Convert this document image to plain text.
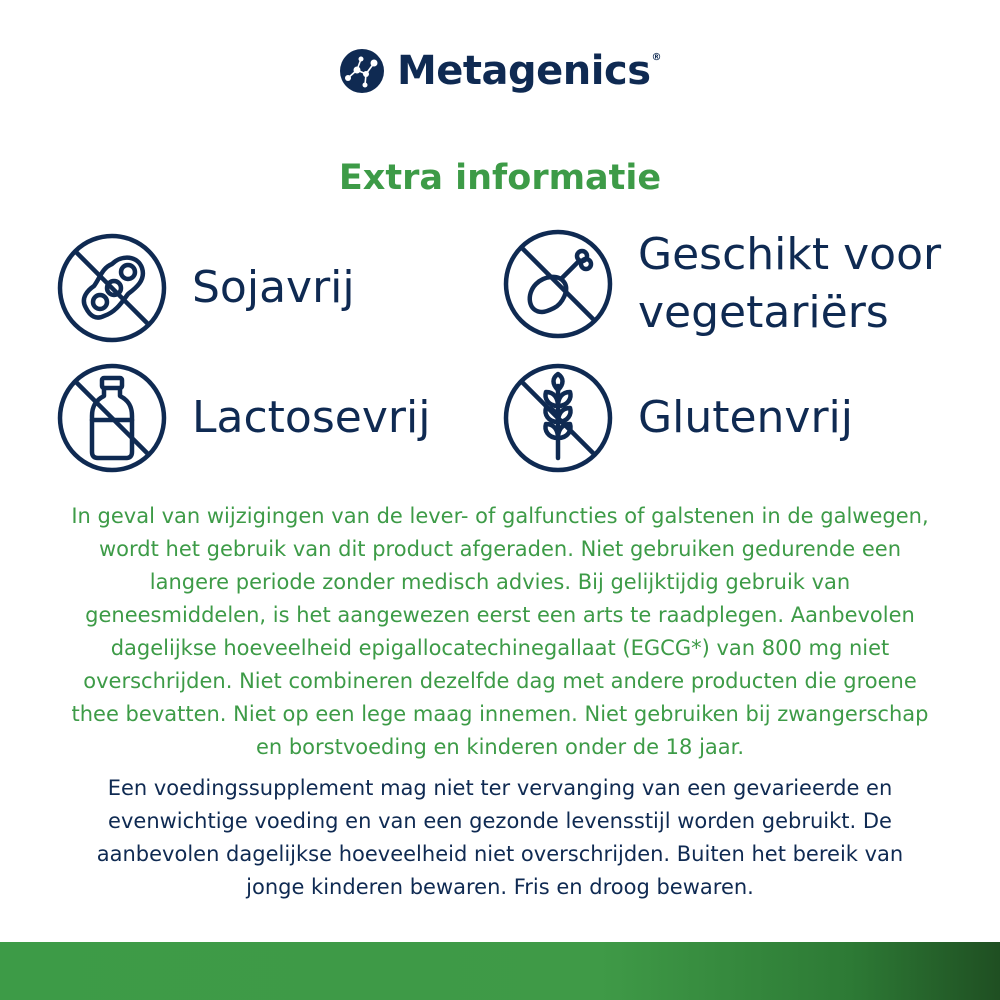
Metagenics®
Extra informatie
Sojavrij
Geschikt voor
vegetariërs
Lactosevrij	Glutenvrij
In geval van wijzigingen van de lever- of galfuncties of galstenen in de galwegen,
wordt het gebruik van dit product afgeraden. Niet gebruiken gedurende een
langere periode zonder medisch advies. Bij gelijktijdig gebruik van
geneesmiddelen, is het aangewezen eerst een arts te raadplegen. Aanbevolen
dagelijkse hoeveelheid epigallocatechinegallaat (EGCG*) van 800 mg niet
overschrijden. Niet combineren dezelfde dag met andere producten die groene
thee bevatten. Niet op een lege maag innemen. Niet gebruiken bij zwangerschap
en borstvoeding en kinderen onder de 18 jaar.
Een voedingssupplement mag niet ter vervanging van een gevarieerde en
evenwichtige voeding en van een gezonde levensstijl worden gebruikt. De
aanbevolen dagelijkse hoeveelheid niet overschrijden. Buiten het bereik van
jonge kinderen bewaren. Fris en droog bewaren.
